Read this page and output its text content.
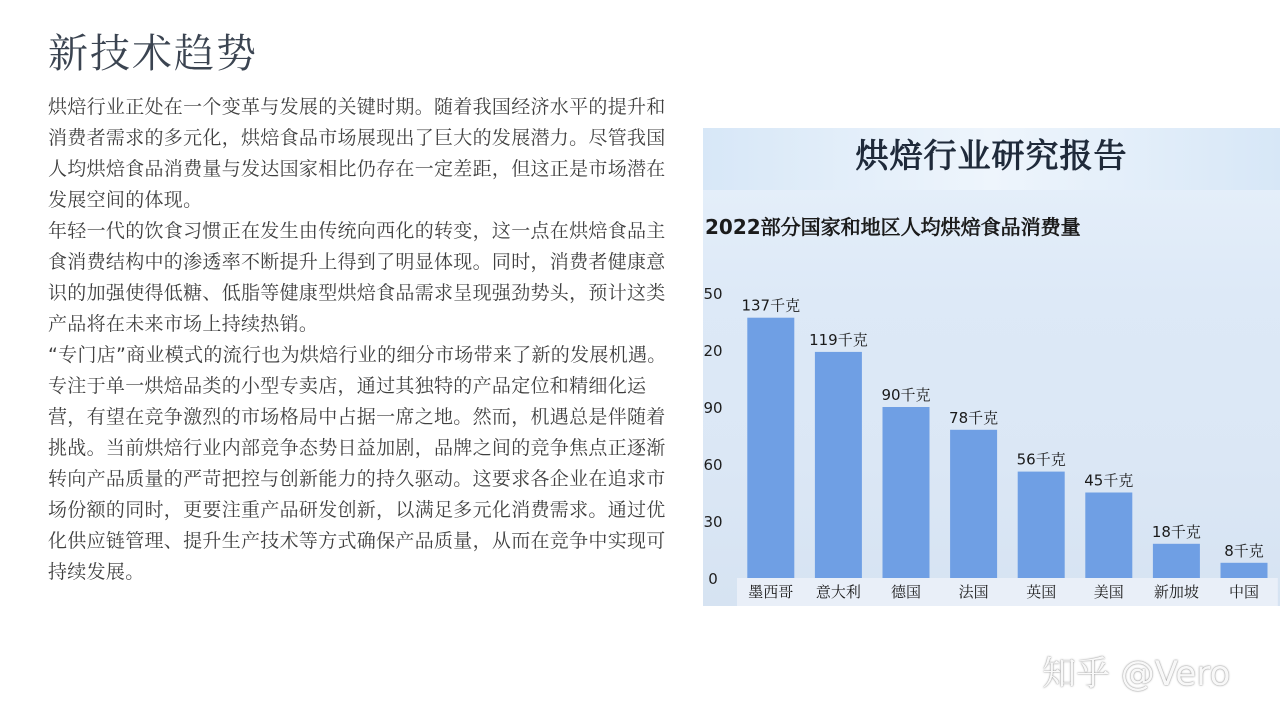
新技术趋势

烘焙行业正处在一个变革与发展的关键时期。随着我国经济水平的提升和消费者需求的多元化，烘焙食品市场展现出了巨大的发展潜力。尽管我国人均烘焙食品消费量与发达国家相比仍存在一定差距，但这正是市场潜在发展空间的体现。

年轻一代的饮食习惯正在发生由传统向西化的转变，这一点在烘焙食品主食消费结构中的渗透率不断提升上得到了明显体现。同时，消费者健康意识的加强使得低糖、低脂等健康型烘焙食品需求呈现强劲势头，预计这类产品将在未来市场上持续热销。

“专门店”商业模式的流行也为烘焙行业的细分市场带来了新的发展机遇。专注于单一烘焙品类的小型专卖店，通过其独特的产品定位和精细化运营，有望在竞争激烈的市场格局中占据一席之地。然而，机遇总是伴随着挑战。当前烘焙行业内部竞争态势日益加剧，品牌之间的竞争焦点正逐渐转向产品质量的严苛把控与创新能力的持久驱动。这要求各企业在追求市场份额的同时，更要注重产品研发创新，以满足多元化消费需求。通过优化供应链管理、提升生产技术等方式确保产品质量，从而在竞争中实现可持续发展。

烘焙行业研究报告
2022部分国家和地区人均烘焙食品消费量
0
30
60
90
20
50
137千克
墨西哥
119千克
意大利
90千克
德国
78千克
法国
56千克
英国
45千克
美国
18千克
新加坡
8千克
中国
知乎 @Vero
